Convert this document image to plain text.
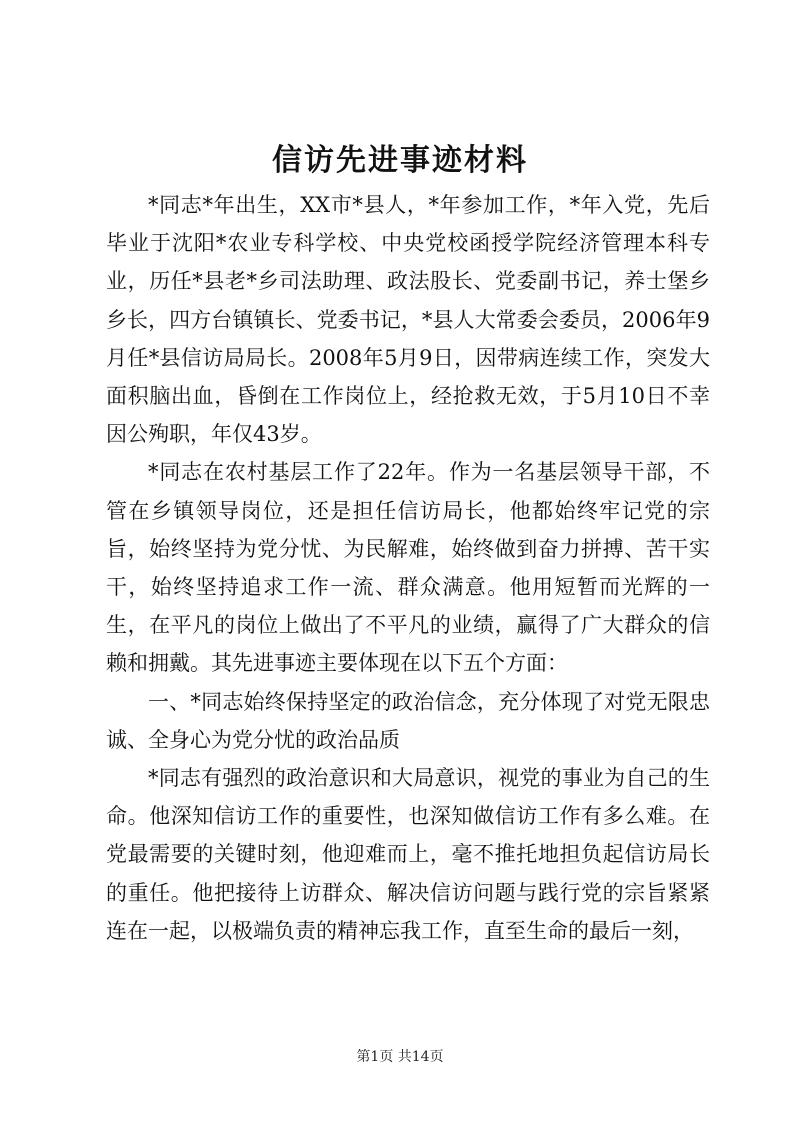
信访先进事迹材料

*同志*年出生，XX市*县人，*年参加工作，*年入党，先后毕业于沈阳*农业专科学校、中央党校函授学院经济管理本科专业，历任*县老*乡司法助理、政法股长、党委副书记，养士堡乡乡长，四方台镇镇长、党委书记，*县人大常委会委员，2006年9月任*县信访局局长。2008年5月9日，因带病连续工作，突发大面积脑出血，昏倒在工作岗位上，经抢救无效，于5月10日不幸因公殉职，年仅43岁。

*同志在农村基层工作了22年。作为一名基层领导干部，不管在乡镇领导岗位，还是担任信访局长，他都始终牢记党的宗旨，始终坚持为党分忧、为民解难，始终做到奋力拼搏、苦干实干，始终坚持追求工作一流、群众满意。他用短暂而光辉的一生，在平凡的岗位上做出了不平凡的业绩，赢得了广大群众的信赖和拥戴。其先进事迹主要体现在以下五个方面：

一、*同志始终保持坚定的政治信念，充分体现了对党无限忠诚、全身心为党分忧的政治品质

*同志有强烈的政治意识和大局意识，视党的事业为自己的生命。他深知信访工作的重要性，也深知做信访工作有多么难。在党最需要的关键时刻，他迎难而上，毫不推托地担负起信访局长的重任。他把接待上访群众、解决信访问题与践行党的宗旨紧紧连在一起，以极端负责的精神忘我工作，直至生命的最后一刻，

第1页 共14页
